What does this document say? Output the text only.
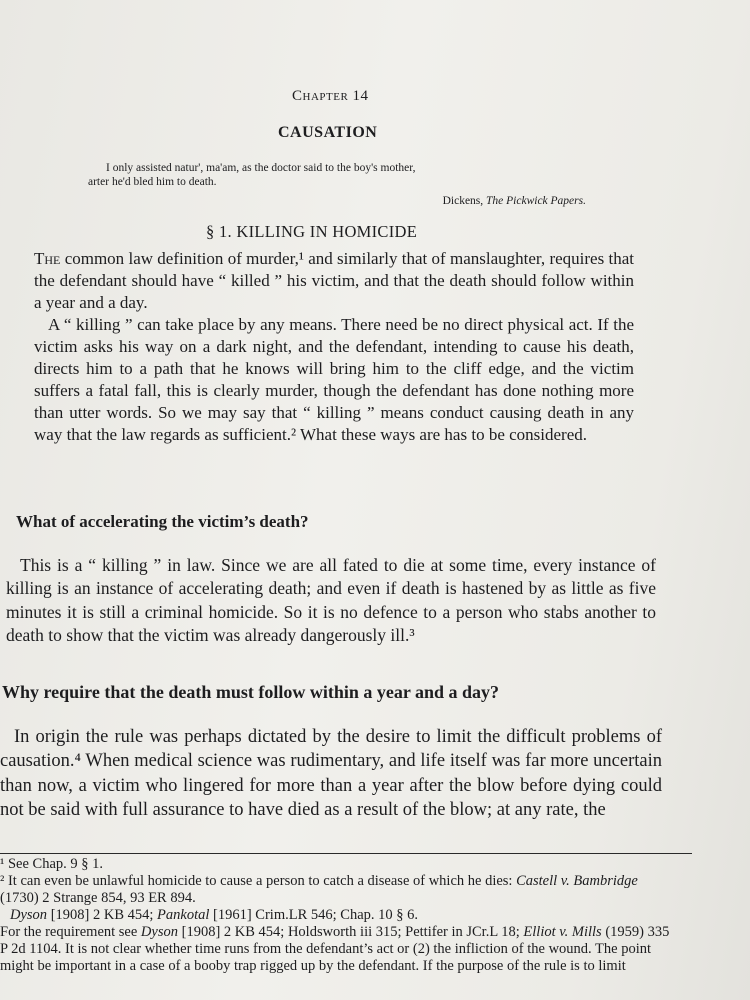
Chapter 14
CAUSATION
I only assisted natur', ma'am, as the doctor said to the boy's mother,
arter he'd bled him to death.
Dickens, The Pickwick Papers.
§ 1. KILLING IN HOMICIDE

The common law definition of murder,¹ and similarly that of manslaughter, requires that the defendant should have “ killed ” his victim, and that the death should follow within a year and a day.

A “ killing ” can take place by any means. There need be no direct physical act. If the victim asks his way on a dark night, and the defendant, intending to cause his death, directs him to a path that he knows will bring him to the cliff edge, and the victim suffers a fatal fall, this is clearly murder, though the defendant has done nothing more than utter words. So we may say that “ killing ” means conduct causing death in any way that the law regards as sufficient.² What these ways are has to be considered.

What of accelerating the victim’s death?

This is a “ killing ” in law. Since we are all fated to die at some time, every instance of killing is an instance of accelerating death; and even if death is hastened by as little as five minutes it is still a criminal homicide. So it is no defence to a person who stabs another to death to show that the victim was already dangerously ill.³

Why require that the death must follow within a year and a day?

In origin the rule was perhaps dictated by the desire to limit the difficult problems of causation.⁴ When medical science was rudimentary, and life itself was far more uncertain than now, a victim who lingered for more than a year after the blow before dying could not be said with full assurance to have died as a result of the blow; at any rate, the

¹ See Chap. 9 § 1.

² It can even be unlawful homicide to cause a person to catch a disease of which he dies: Castell v. Bambridge (1730) 2 Strange 854, 93 ER 894.

Dyson [1908] 2 KB 454; Pankotal [1961] Crim.LR 546; Chap. 10 § 6.

For the requirement see Dyson [1908] 2 KB 454; Holdsworth iii 315; Pettifer in JCr.L 18; Elliot v. Mills (1959) 335 P 2d 1104. It is not clear whether time runs from the defendant’s act or (2) the infliction of the wound. The point might be important in a case of a booby trap rigged up by the defendant. If the purpose of the rule is to limit
